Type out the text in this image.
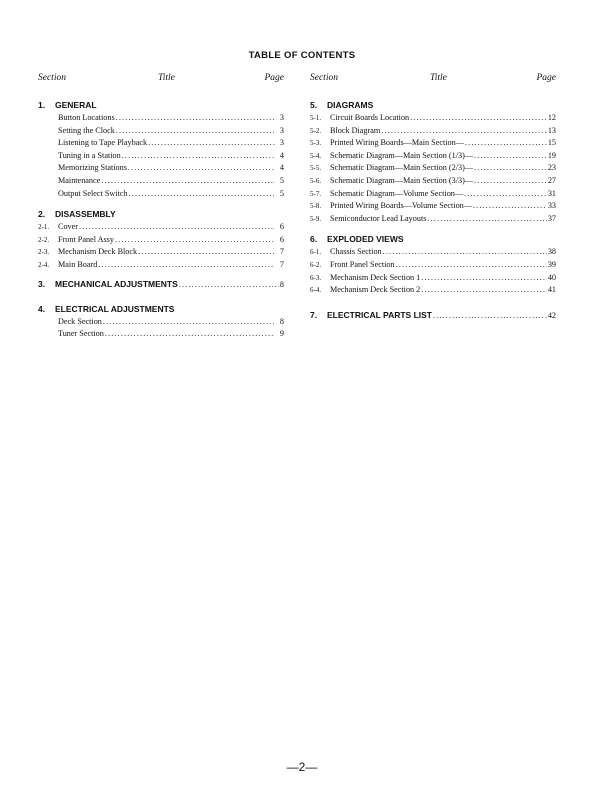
TABLE OF CONTENTS
Section	Title	Page
1.	GENERAL
Button Locations .....	3
Setting the Clock .....	3
Listening to Tape Playback .....	3
Tuning in a Station .....	4
Memorizing Stations .....	4
Maintenance .....	5
Output Select Switch .....	5
2.	DISASSEMBLY
2-1.	Cover .....	6
2-2.	Front Panel Assy .....	6
2-3.	Mechanism Deck Block .....	7
2-4.	Main Board .....	7
3.	MECHANICAL ADJUSTMENTS .....	8
4.	ELECTRICAL ADJUSTMENTS
Deck Section .....	8
Tuner Section .....	9
Section	Title	Page
5.	DIAGRAMS
5-1.	Circuit Boards Location .....	12
5-2.	Block Diagram .....	13
5-3.	Printed Wiring Boards—Main Section— .....	15
5-4.	Schematic Diagram—Main Section (1/3)— .....	19
5-5.	Schematic Diagram—Main Section (2/3)— .....	23
5-6.	Schematic Diagram—Main Section (3/3)— .....	27
5-7.	Schematic Diagram—Volume Section— .....	31
5-8.	Printed Wiring Boards—Volume Section— .....	33
5-9.	Semiconductor Lead Layouts .....	37
6.	EXPLODED VIEWS
6-1.	Chassis Section .....	38
6-2.	Front Panel Section .....	39
6-3.	Mechanism Deck Section 1 .....	40
6-4.	Mechanism Deck Section 2 .....	41
7.	ELECTRICAL PARTS LIST .....	42
—2—
